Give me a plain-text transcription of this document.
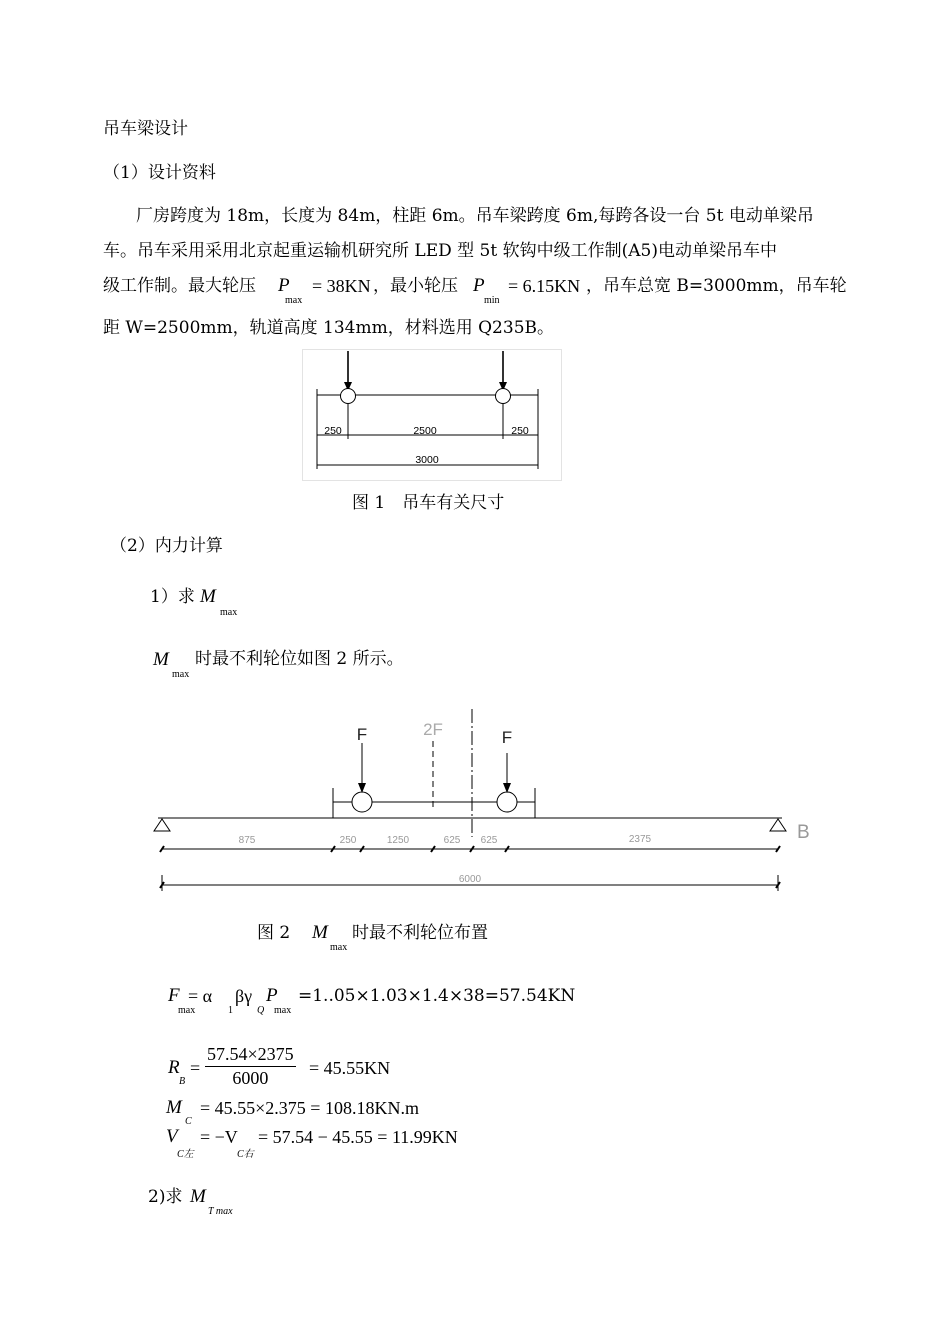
吊车梁设计
（1）设计资料
厂房跨度为 18m，长度为 84m，柱距 6m。吊车梁跨度 6m,每跨各设一台 5t 电动单梁吊
车。吊车采用采用北京起重运输机研究所 LED 型 5t 软钩中级工作制(A5)电动单梁吊车中
级工作制。最大轮压 P
max
= 38KN ，最小轮压 P
min
= 6.15KN ，吊车总宽 B=3000mm，吊车轮
距 W=2500mm，轨道高度 134mm，材料选用 Q235B。
250	2500	250
3000
图 1　吊车有关尺寸
（2）内力计算
1）求 M
max
M
max
时最不利轮位如图 2 所示。
F	2F	F
B
875	250	1250	625 625	2375
6000
图 2 M
max
时最不利轮位布置
F
max
= α
1
βγ
Q
P
max
=1..05×1.03×1.4×38=57.54KN
R
B
= $\frac{57.54\times 2375}{6000} = 45.55KN$
M
C
= 45.55×2.375 = 108.18KN.m
V
C左
= −V
C右
= 57.54 − 45.55 = 11.99KN
2)求 M
T max
